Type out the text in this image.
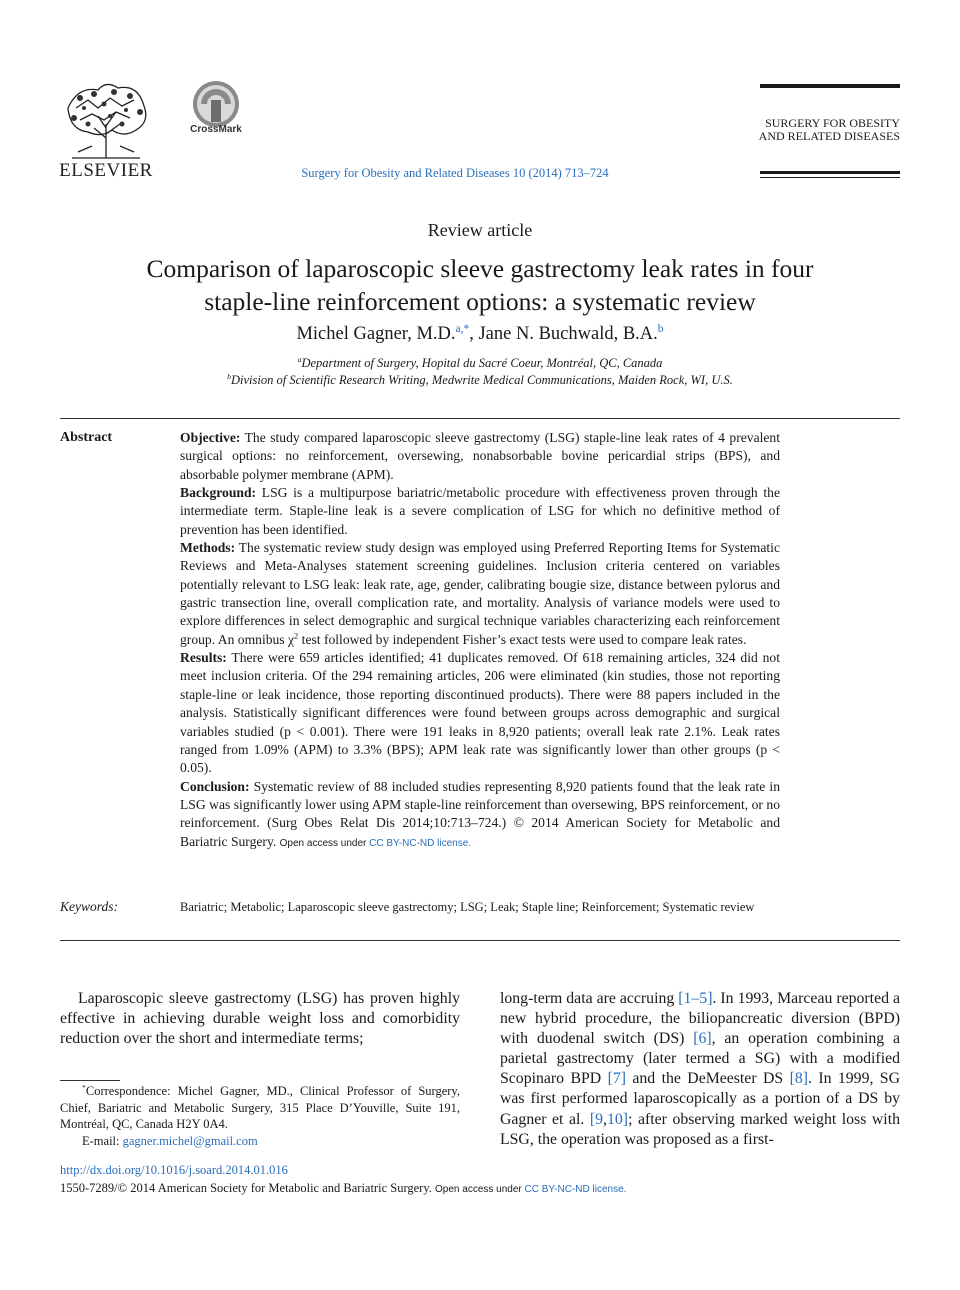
ELSEVIER
CrossMark
Surgery for Obesity and Related Diseases 10 (2014) 713–724
SURGERY FOR OBESITY
AND RELATED DISEASES
Review article
Comparison of laparoscopic sleeve gastrectomy leak rates in four
staple-line reinforcement options: a systematic review
Michel Gagner, M.D.$^{a,*}$, Jane N. Buchwald, B.A.$^b$
$^a$Department of Surgery, Hopital du Sacré Coeur, Montréal, QC, Canada
$^b$Division of Scientific Research Writing, Medwrite Medical Communications, Maiden Rock, WI, U.S.
Abstract	Objective: The study compared laparoscopic sleeve gastrectomy (LSG) staple-line leak rates of 4 prevalent surgical options: no reinforcement, oversewing, nonabsorbable bovine pericardial strips (BPS), and absorbable polymer membrane (APM).

Background: LSG is a multipurpose bariatric/metabolic procedure with effectiveness proven through the intermediate term. Staple-line leak is a severe complication of LSG for which no definitive method of prevention has been identified.

Methods: The systematic review study design was employed using Preferred Reporting Items for Systematic Reviews and Meta-Analyses statement screening guidelines. Inclusion criteria centered on variables potentially relevant to LSG leak: leak rate, age, gender, calibrating bougie size, distance between pylorus and gastric transection line, overall complication rate, and mortality. Analysis of variance models were used to explore differences in select demographic and surgical technique variables characterizing each reinforcement group. An omnibus $\chi^2$ test followed by independent Fisher’s exact tests were used to compare leak rates.

Results: There were 659 articles identified; 41 duplicates removed. Of 618 remaining articles, 324 did not meet inclusion criteria. Of the 294 remaining articles, 206 were eliminated (kin studies, those not reporting staple-line or leak incidence, those reporting discontinued products). There were 88 papers included in the analysis. Statistically significant differences were found between groups across demographic and surgical variables studied (p < 0.001). There were 191 leaks in 8,920 patients; overall leak rate 2.1%. Leak rates ranged from 1.09% (APM) to 3.3% (BPS); APM leak rate was significantly lower than other groups (p < 0.05).

Conclusion: Systematic review of 88 included studies representing 8,920 patients found that the leak rate in LSG was significantly lower using APM staple-line reinforcement than oversewing, BPS reinforcement, or no reinforcement. (Surg Obes Relat Dis 2014;10:713–724.) © 2014 American Society for Metabolic and Bariatric Surgery. Open access under CC BY-NC-ND license.

Keywords:	Bariatric; Metabolic; Laparoscopic sleeve gastrectomy; LSG; Leak; Staple line; Reinforcement; Systematic review

Laparoscopic sleeve gastrectomy (LSG) has proven highly effective in achieving durable weight loss and comorbidity reduction over the short and intermediate terms;

long-term data are accruing [1–5]. In 1993, Marceau reported a new hybrid procedure, the biliopancreatic diversion (BPD) with duodenal switch (DS) [6], an operation combining a parietal gastrectomy (later termed a SG) with a modified Scopinaro BPD [7] and the DeMeester DS [8]. In 1999, SG was first performed laparoscopically as a portion of a DS by Gagner et al. [9,10]; after observing marked weight loss with LSG, the operation was proposed as a first-

*Correspondence: Michel Gagner, MD., Clinical Professor of Surgery, Chief, Bariatric and Metabolic Surgery, 315 Place D’Youville, Suite 191, Montréal, QC, Canada H2Y 0A4.

E-mail: gagner.michel@gmail.com

http://dx.doi.org/10.1016/j.soard.2014.01.016
1550-7289/© 2014 American Society for Metabolic and Bariatric Surgery. Open access under CC BY-NC-ND license.
